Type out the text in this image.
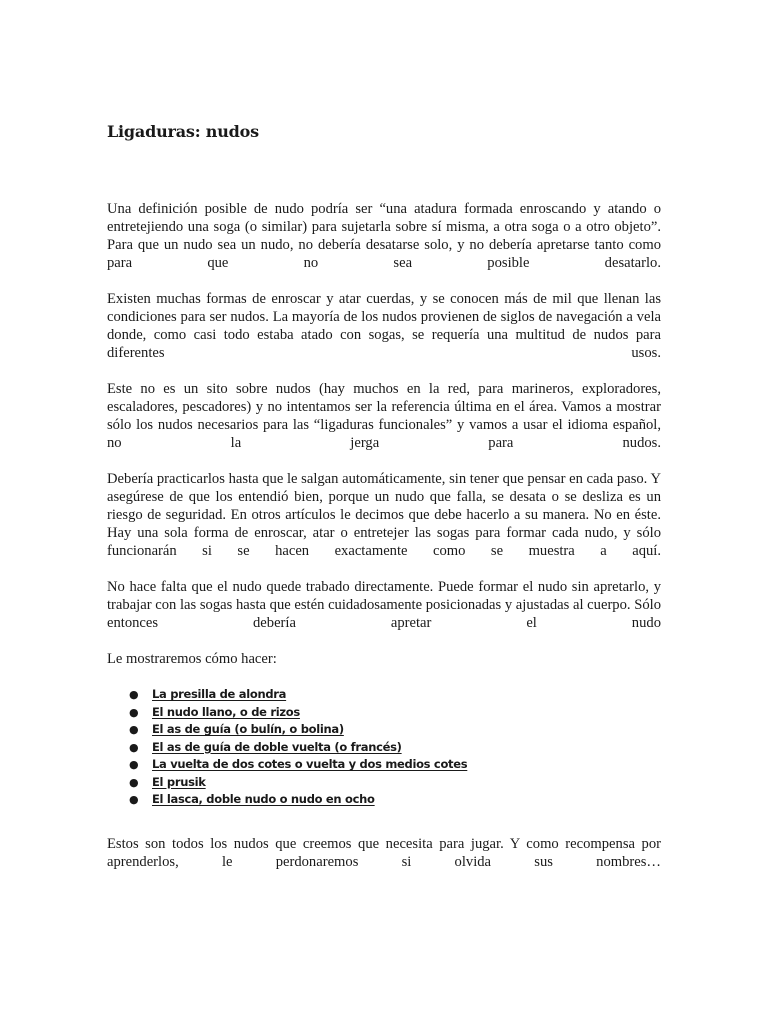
Ligaduras: nudos

Una definición posible de nudo podría ser “una atadura formada enroscando y atando o entretejiendo una soga (o similar) para sujetarla sobre sí misma, a otra soga o a otro objeto”. Para que un nudo sea un nudo, no debería desatarse solo, y no debería apretarse tanto como para que no sea posible desatarlo.

Existen muchas formas de enroscar y atar cuerdas, y se conocen más de mil que llenan las condiciones para ser nudos. La mayoría de los nudos provienen de siglos de navegación a vela donde, como casi todo estaba atado con sogas, se requería una multitud de nudos para diferentes usos.

Este no es un sito sobre nudos (hay muchos en la red, para marineros, exploradores, escaladores, pescadores) y no intentamos ser la referencia última en el área. Vamos a mostrar sólo los nudos necesarios para las “ligaduras funcionales” y vamos a usar el idioma español, no la jerga para nudos.

Debería practicarlos hasta que le salgan automáticamente, sin tener que pensar en cada paso. Y asegúrese de que los entendió bien, porque un nudo que falla, se desata o se desliza es un riesgo de seguridad. En otros artículos le decimos que debe hacerlo a su manera. No en éste. Hay una sola forma de enroscar, atar o entretejer las sogas para formar cada nudo, y sólo funcionarán si se hacen exactamente como se muestra a aquí.

No hace falta que el nudo quede trabado directamente. Puede formar el nudo sin apretarlo, y trabajar con las sogas hasta que estén cuidadosamente posicionadas y ajustadas al cuerpo. Sólo entonces debería apretar el nudo

Le mostraremos cómo hacer:

● La presilla de alondra
● El nudo llano, o de rizos
● El as de guía (o bulín, o bolina)
● El as de guía de doble vuelta (o francés)
● La vuelta de dos cotes o vuelta y dos medios cotes
● El prusik
● El lasca, doble nudo o nudo en ocho

Estos son todos los nudos que creemos que necesita para jugar. Y como recompensa por aprenderlos, le perdonaremos si olvida sus nombres…
